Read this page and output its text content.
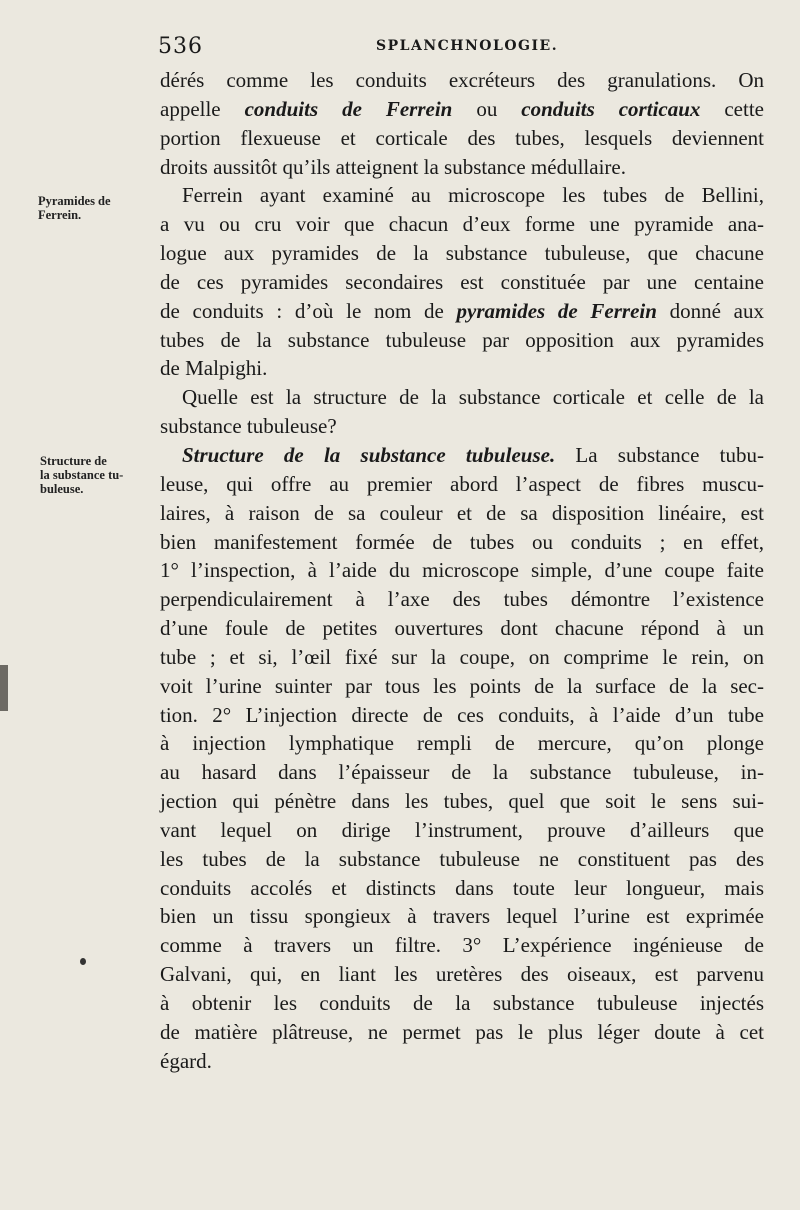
536	SPLANCHNOLOGIE.
Pyramides de
Ferrein.
Structure de
la substance tu-
buleuse.

dérés comme les conduits excréteurs des granulations. On
appelle conduits de Ferrein ou conduits corticaux cette
portion flexueuse et corticale des tubes, lesquels deviennent
droits aussitôt qu’ils atteignent la substance médullaire.

Ferrein ayant examiné au microscope les tubes de Bellini,
a vu ou cru voir que chacun d’eux forme une pyramide ana-
logue aux pyramides de la substance tubuleuse, que chacune
de ces pyramides secondaires est constituée par une centaine
de conduits : d’où le nom de pyramides de Ferrein donné aux
tubes de la substance tubuleuse par opposition aux pyramides
de Malpighi.

Quelle est la structure de la substance corticale et celle de la
substance tubuleuse?

Structure de la substance tubuleuse. La substance tubu-
leuse, qui offre au premier abord l’aspect de fibres muscu-
laires, à raison de sa couleur et de sa disposition linéaire, est
bien manifestement formée de tubes ou conduits ; en effet,
1° l’inspection, à l’aide du microscope simple, d’une coupe faite
perpendiculairement à l’axe des tubes démontre l’existence
d’une foule de petites ouvertures dont chacune répond à un
tube ; et si, l’œil fixé sur la coupe, on comprime le rein, on
voit l’urine suinter par tous les points de la surface de la sec-
tion. 2° L’injection directe de ces conduits, à l’aide d’un tube
à injection lymphatique rempli de mercure, qu’on plonge
au hasard dans l’épaisseur de la substance tubuleuse, in-
jection qui pénètre dans les tubes, quel que soit le sens sui-
vant lequel on dirige l’instrument, prouve d’ailleurs que
les tubes de la substance tubuleuse ne constituent pas des
conduits accolés et distincts dans toute leur longueur, mais
bien un tissu spongieux à travers lequel l’urine est exprimée
comme à travers un filtre. 3° L’expérience ingénieuse de
Galvani, qui, en liant les uretères des oiseaux, est parvenu
à obtenir les conduits de la substance tubuleuse injectés
de matière plâtreuse, ne permet pas le plus léger doute à cet
égard.
